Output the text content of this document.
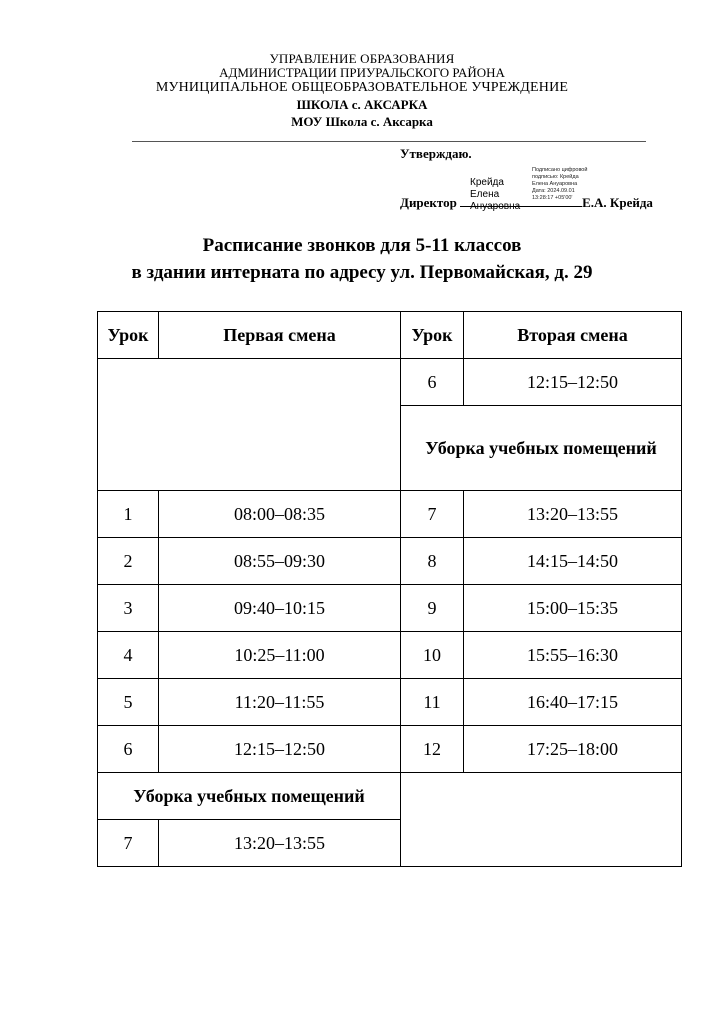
УПРАВЛЕНИЕ ОБРАЗОВАНИЯ
АДМИНИСТРАЦИИ ПРИУРАЛЬСКОГО РАЙОНА
МУНИЦИПАЛЬНОЕ ОБЩЕОБРАЗОВАТЕЛЬНОЕ УЧРЕЖДЕНИЕ
ШКОЛА с. АКСАРКА
МОУ Школа с. Аксарка
Утверждаю.
Крейда Елена
Ануаровна
Подписано цифровой
подписью: Крейда
Елена Ануаровна
Дата: 2024.09.01
13:28:17 +05'00'
Директор	Е.А. Крейда
Расписание звонков для 5-11 классов
в здании интерната по адресу ул. Первомайская, д. 29
Урок	Первая смена	Урок	Вторая смена
		6	12:15–12:50
		Уборка учебных помещений	

1	08:00–08:35	7	13:20–13:55
2	08:55–09:30	8	14:15–14:50
3	09:40–10:15	9	15:00–15:35
4	10:25–11:00	10	15:55–16:30
5	11:20–11:55	11	16:40–17:15
6	12:15–12:50	12	17:25–18:00
Уборка учебных помещений			
7	13:20–13:55		
